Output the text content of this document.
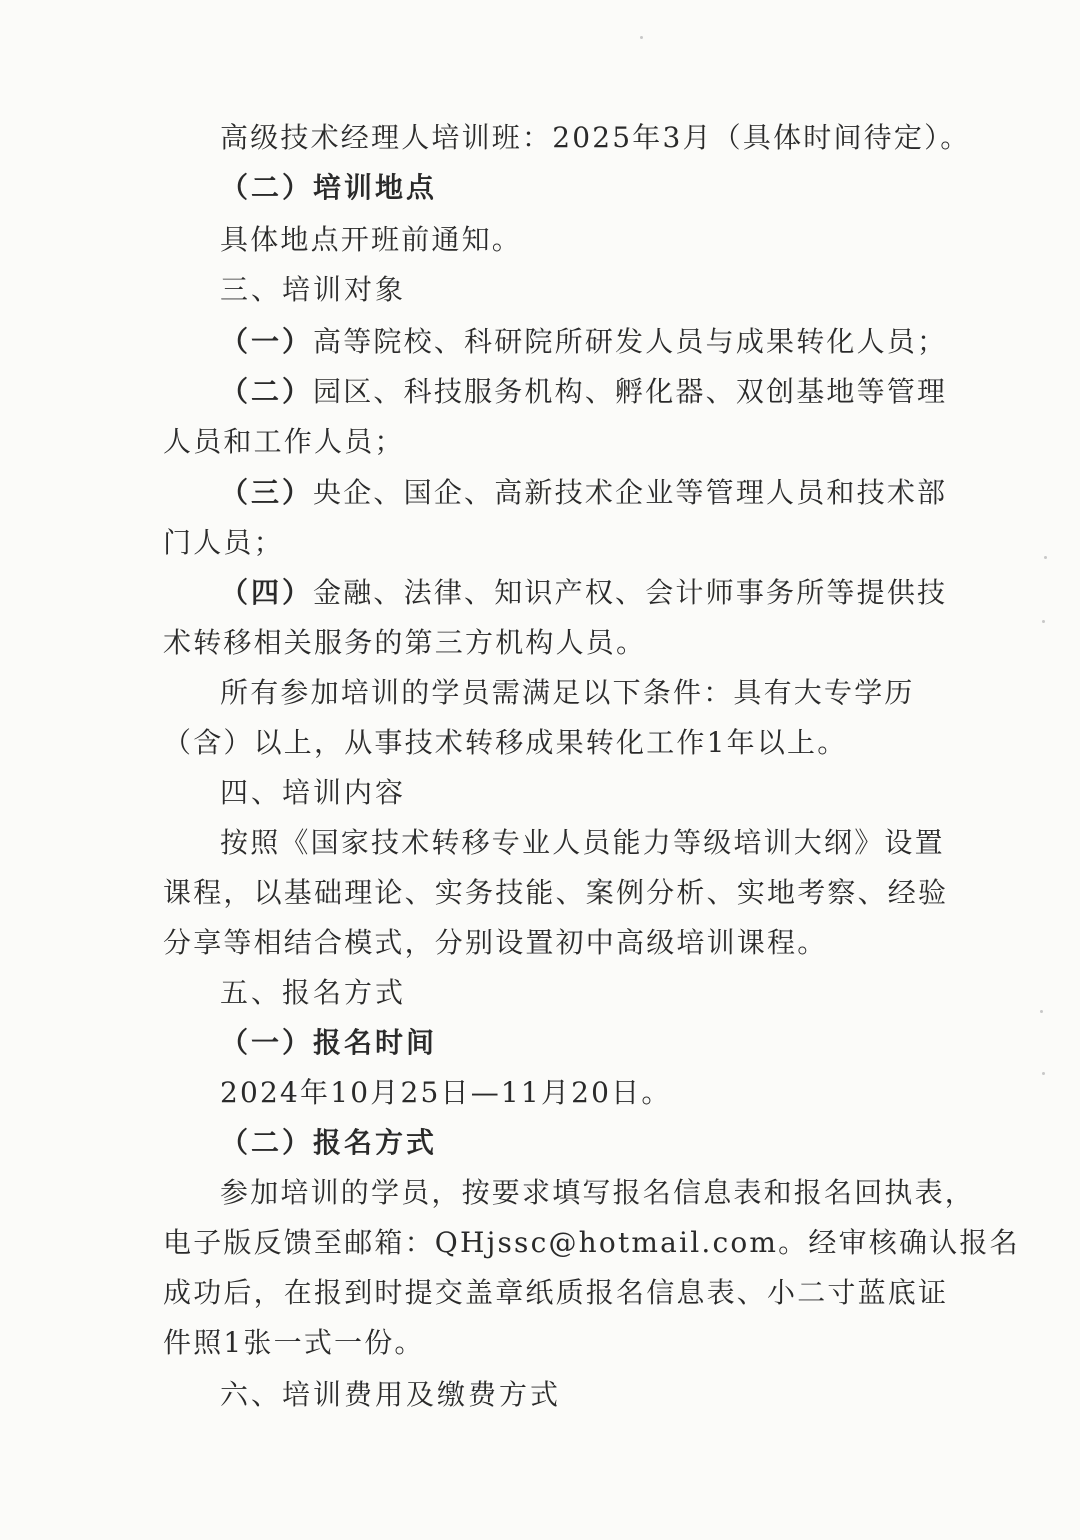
高级技术经理人培训班：2025年3月（具体时间待定）。
（二）培训地点
具体地点开班前通知。
三、培训对象
（一）高等院校、科研院所研发人员与成果转化人员；
（二）园区、科技服务机构、孵化器、双创基地等管理
人员和工作人员；
（三）央企、国企、高新技术企业等管理人员和技术部
门人员；
（四）金融、法律、知识产权、会计师事务所等提供技
术转移相关服务的第三方机构人员。
所有参加培训的学员需满足以下条件：具有大专学历
（含）以上，从事技术转移成果转化工作1年以上。
四、培训内容
按照《国家技术转移专业人员能力等级培训大纲》设置
课程，以基础理论、实务技能、案例分析、实地考察、经验
分享等相结合模式，分别设置初中高级培训课程。
五、报名方式
（一）报名时间
2024年10月25日—11月20日。
（二）报名方式
参加培训的学员，按要求填写报名信息表和报名回执表，
电子版反馈至邮箱：QHjssc@hotmail.com。经审核确认报名
成功后，在报到时提交盖章纸质报名信息表、小二寸蓝底证
件照1张一式一份。
六、培训费用及缴费方式
